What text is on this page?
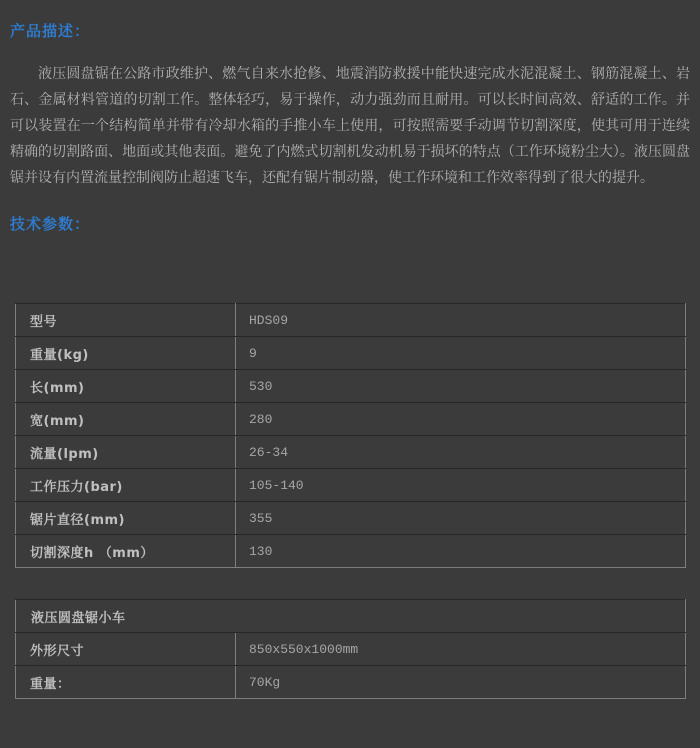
产品描述：

液压圆盘锯在公路市政维护、燃气自来水抢修、地震消防救援中能快速完成水泥混凝土、钢筋混凝土、岩石、金属材料管道的切割工作。整体轻巧，易于操作，动力强劲而且耐用。可以长时间高效、舒适的工作。并可以装置在一个结构简单并带有冷却水箱的手推小车上使用，可按照需要手动调节切割深度，使其可用于连续精确的切割路面、地面或其他表面。避免了内燃式切割机发动机易于损坏的特点（工作环境粉尘大）。液压圆盘锯并设有内置流量控制阀防止超速飞车，还配有锯片制动器，使工作环境和工作效率得到了很大的提升。

技术参数：
型号	HDS09
重量(kg)	9
长(mm)	530
宽(mm)	280
流量(lpm)	26-34
工作压力(bar)	105-140
锯片直径(mm)	355
切割深度h （mm）	130
液压圆盘锯小车	
外形尺寸	850x550x1000mm
重量：	70Kg
